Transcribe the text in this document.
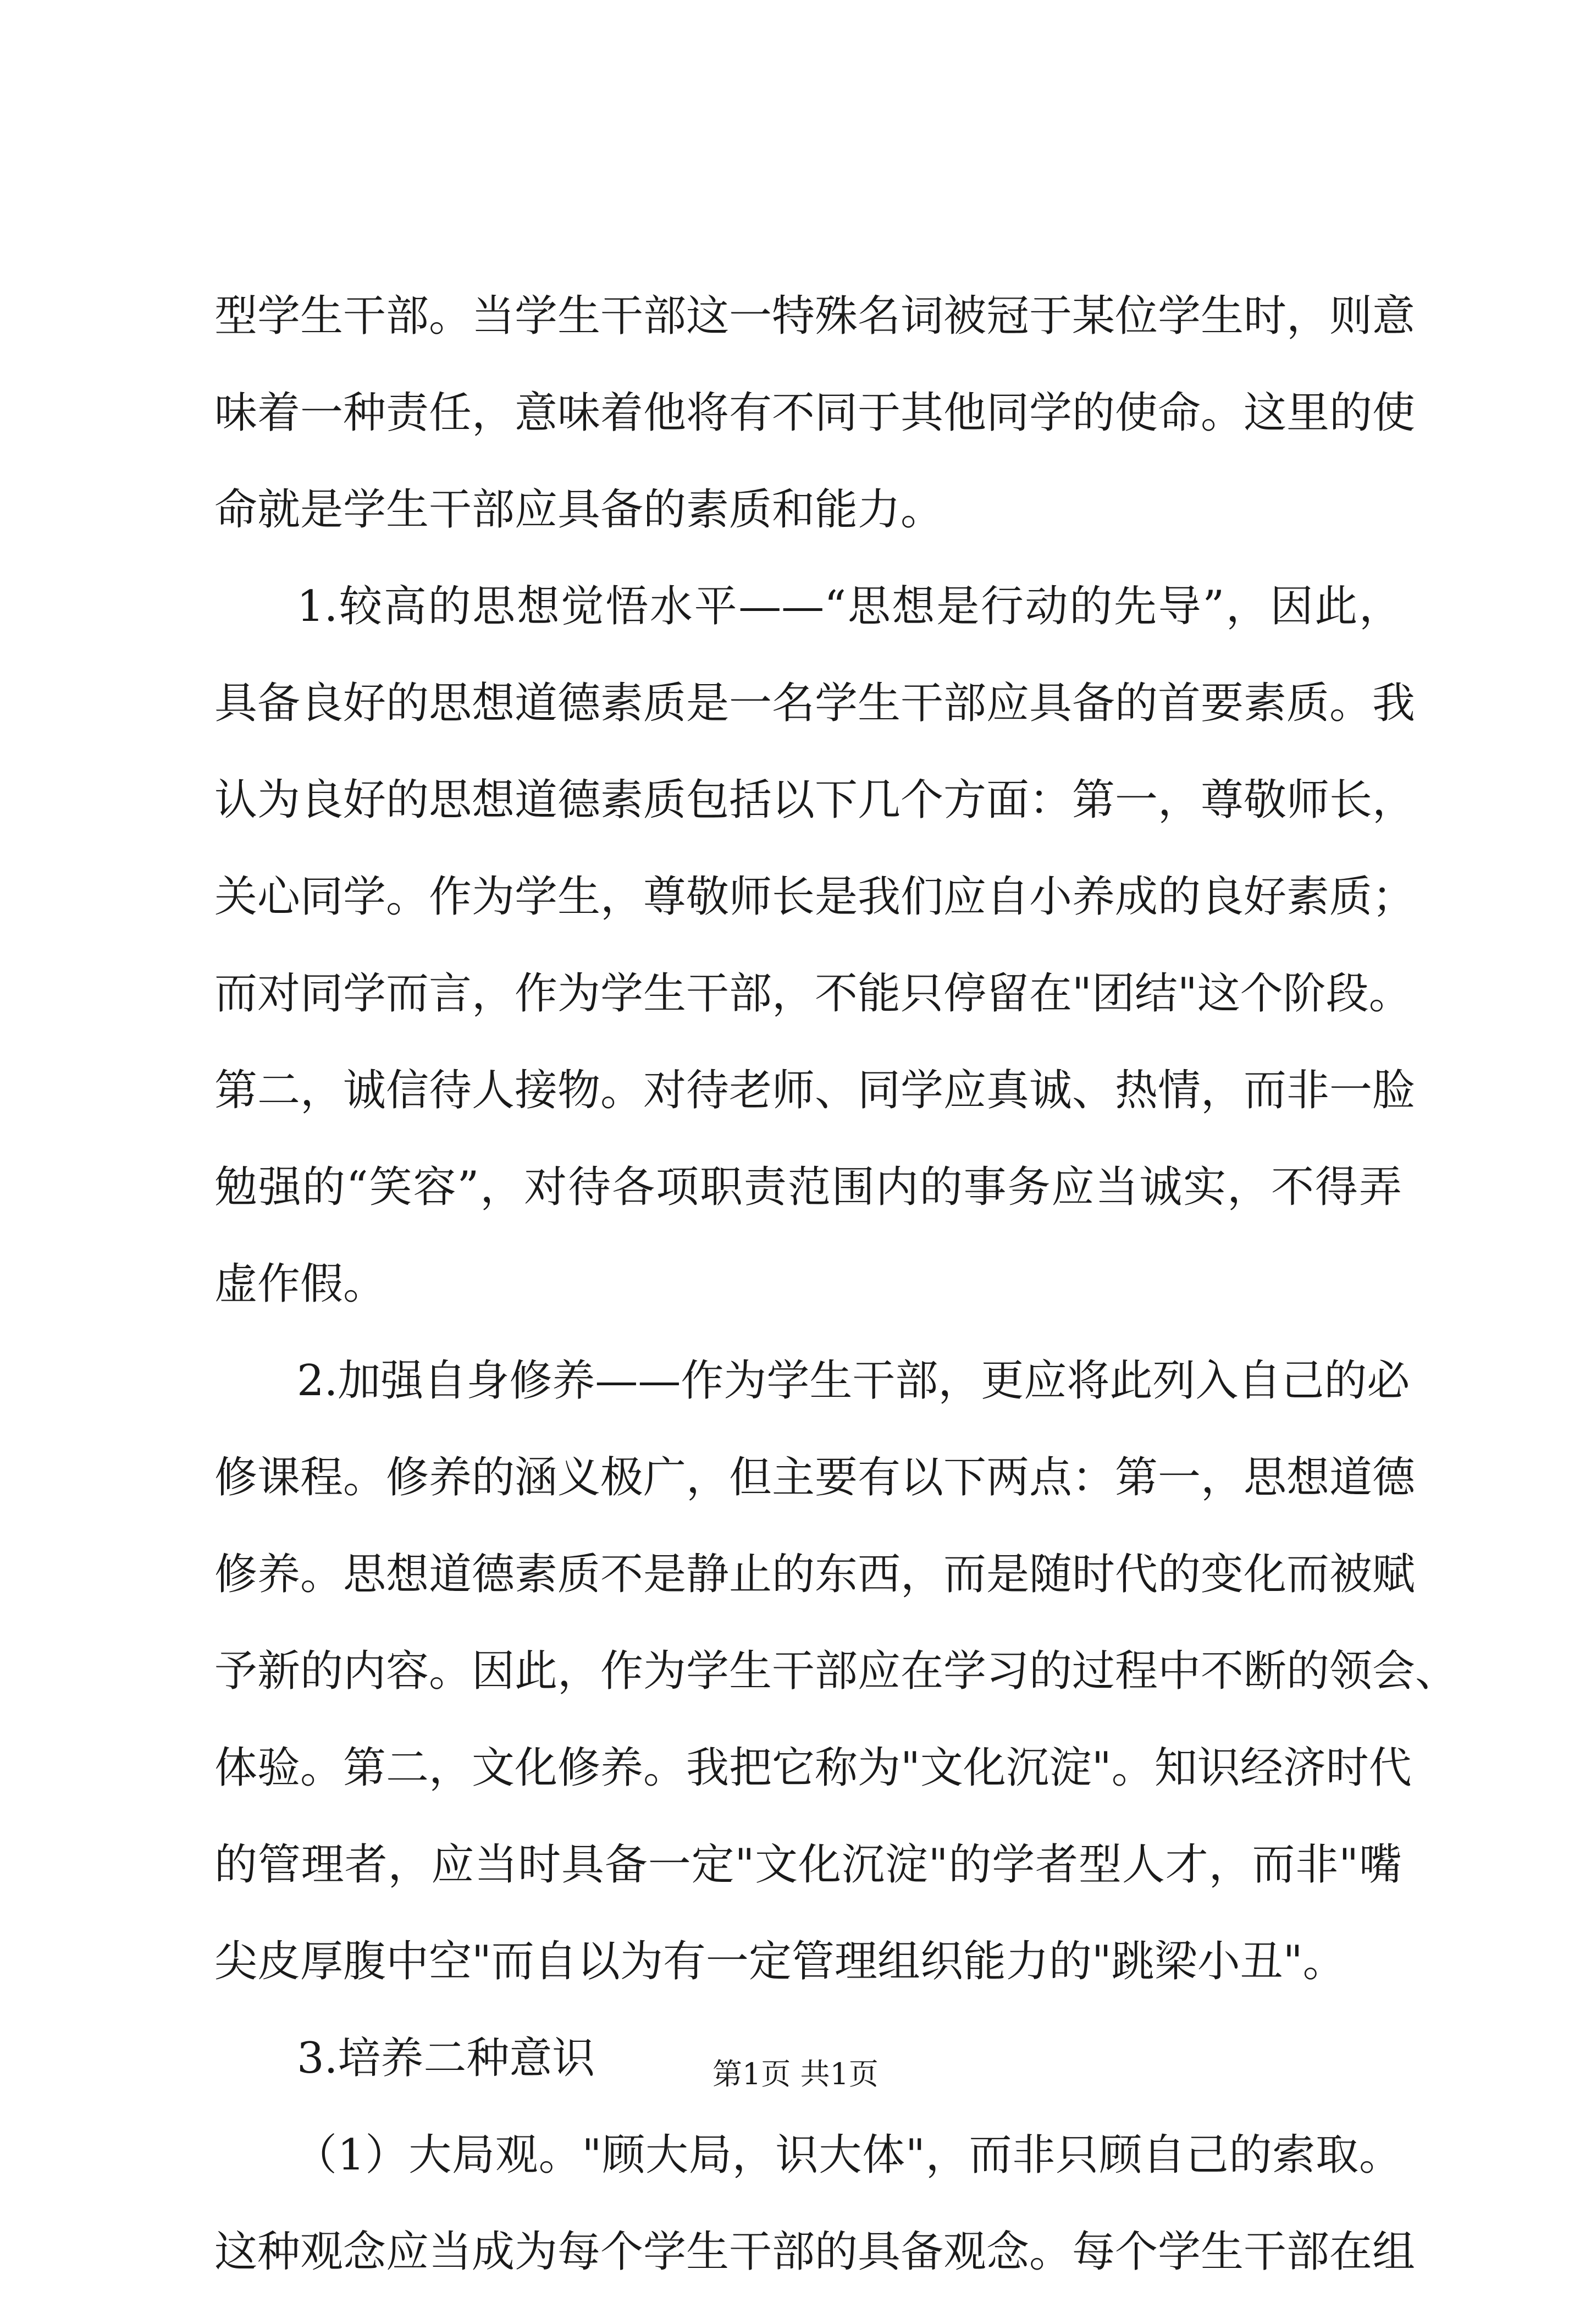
型学生干部。当学生干部这一特殊名词被冠于某位学生时，则意
味着一种责任，意味着他将有不同于其他同学的使命。这里的使
命就是学生干部应具备的素质和能力。
1.较高的思想觉悟水平——“思想是行动的先导”，因此，
具备良好的思想道德素质是一名学生干部应具备的首要素质。我
认为良好的思想道德素质包括以下几个方面：第一，尊敬师长，
关心同学。作为学生，尊敬师长是我们应自小养成的良好素质；
而对同学而言，作为学生干部，不能只停留在"团结"这个阶段。
第二，诚信待人接物。对待老师、同学应真诚、热情，而非一脸
勉强的“笑容”，对待各项职责范围内的事务应当诚实，不得弄
虚作假。
2.加强自身修养——作为学生干部，更应将此列入自己的必
修课程。修养的涵义极广，但主要有以下两点：第一，思想道德
修养。思想道德素质不是静止的东西，而是随时代的变化而被赋
予新的内容。因此，作为学生干部应在学习的过程中不断的领会、
体验。第二，文化修养。我把它称为"文化沉淀"。知识经济时代
的管理者，应当时具备一定"文化沉淀"的学者型人才，而非"嘴
尖皮厚腹中空"而自以为有一定管理组织能力的"跳梁小丑"。
3.培养二种意识
（1）大局观。"顾大局，识大体"，而非只顾自己的索取。
这种观念应当成为每个学生干部的具备观念。每个学生干部在组
第1页 共1页
